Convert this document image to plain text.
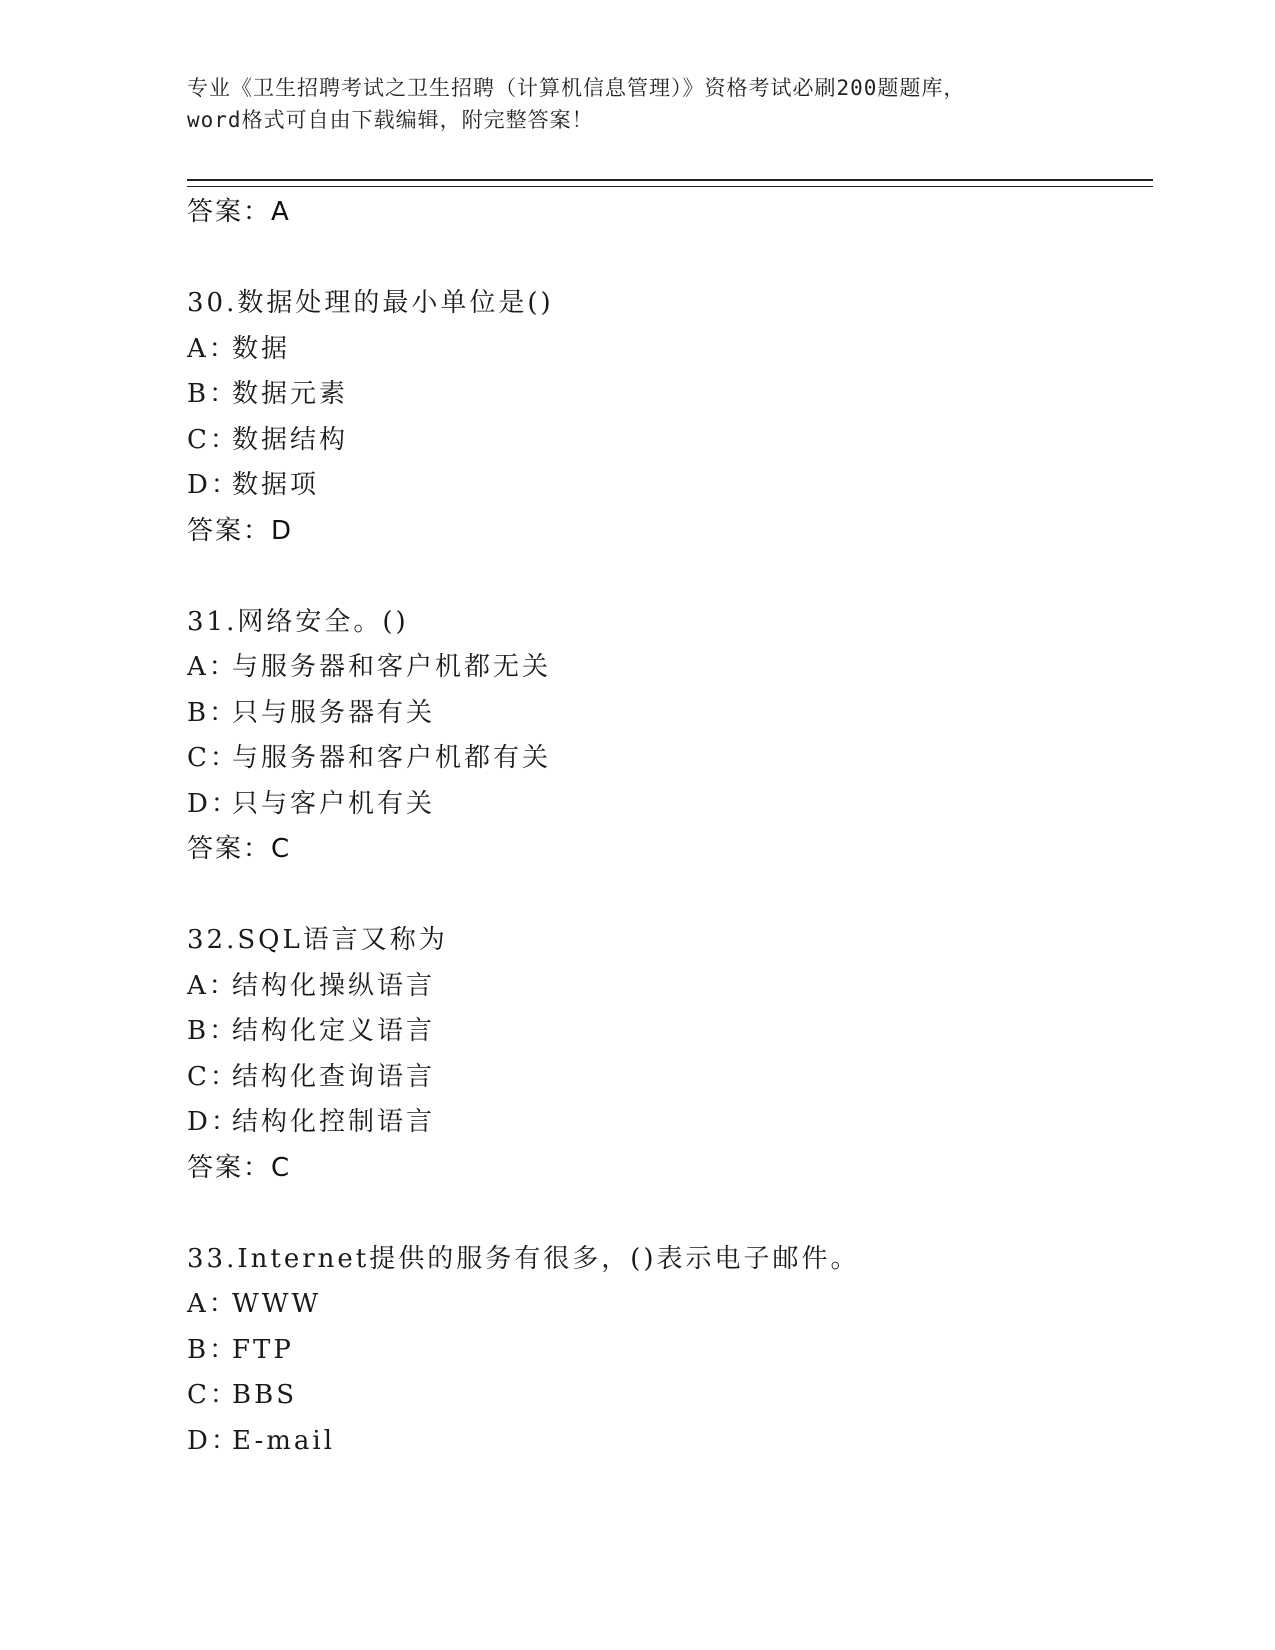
专业《卫生招聘考试之卫生招聘（计算机信息管理）》资格考试必刷200题题库，
word格式可自由下载编辑，附完整答案！
答案：A
30.数据处理的最小单位是()
A：数据
B：数据元素
C：数据结构
D：数据项
答案：D
31.网络安全。()
A：与服务器和客户机都无关
B：只与服务器有关
C：与服务器和客户机都有关
D：只与客户机有关
答案：C
32.SQL语言又称为
A：结构化操纵语言
B：结构化定义语言
C：结构化查询语言
D：结构化控制语言
答案：C
33.Internet提供的服务有很多，()表示电子邮件。
A：WWW
B：FTP
C：BBS
D：E-mail
